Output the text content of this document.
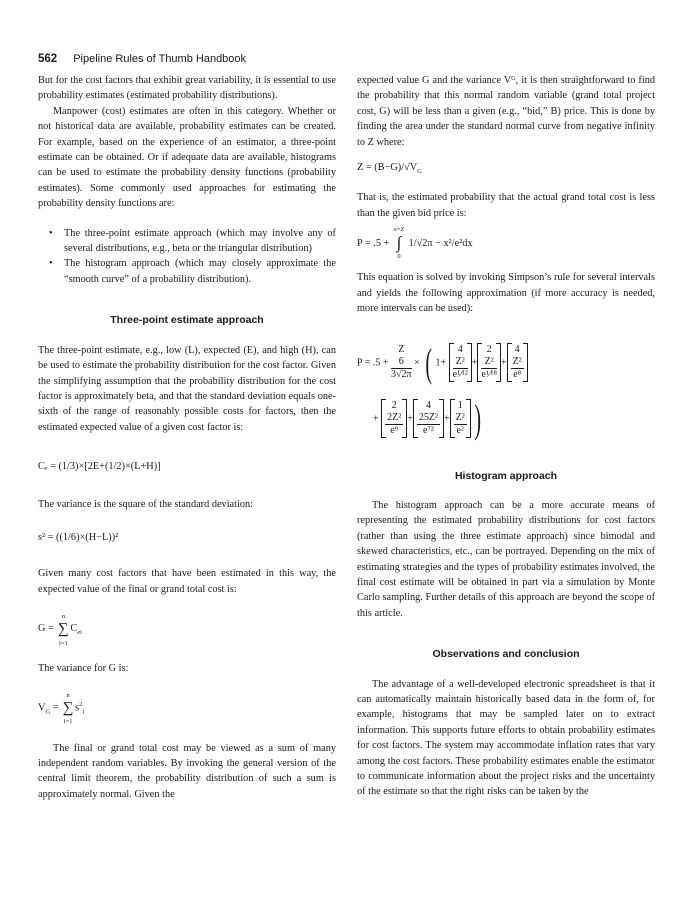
562 Pipeline Rules of Thumb Handbook

But for the cost factors that exhibit great variability, it is essential to use probability estimates (estimated probability distributions).

Manpower (cost) estimates are often in this category. Whether or not historical data are available, probability estimates can be created. For example, based on the experience of an estimator, a three-point estimate can be obtained. Or if adequate data are available, histograms can be used to estimate the probability density functions (probability estimates). Some commonly used approaches for estimating the probability density functions are:

• The three-point estimate approach (which may involve any of several distributions, e.g., beta or the triangular distribution)
• The histogram approach (which may closely approximate the “smooth curve” of a probability distribution).

Three-point estimate approach

The three-point estimate, e.g., low (L), expected (E), and high (H), can be used to estimate the probability distribution for the cost factor. Given the simplifying assumption that the probability distribution for the cost factor is approximately beta, and that the standard deviation equals one-sixth of the range of reasonably possible costs for factors, then the estimated expected value of a given cost factor is:

Cₑ = (1/3)×[2E+(1/2)×(L+H)]

The variance is the square of the standard deviation:

s² = ((1/6)×(H−L))²

Given many cost factors that have been estimated in this way, the expected value of the final or grand total cost is:

G = ∑
n
i=1
$C_{ei}$

The variance for G is:

$V_G$ = ∑
n
i=1
$s^2_i$

The final or grand total cost may be viewed as a sum of many independent random variables. By invoking the general version of the central limit theorem, the probability distribution of such a sum is approximately normal. Given the

expected value G and the variance Vᴳ, it is then straightforward to find the probability that this normal random variable (grand total project cost, G) will be less than a given (e.g., “bid,” B) price. This is done by finding the area under the standard normal curve from negative infinity to Z where:

$Z = (B-G)/√V_G$

That is, the estimated probability that the actual grand total cost is less than the given bid price is:

P = .5 + ∫
x=Z
0
1/√2π − x²/e²dx

This equation is solved by invoking Simpson’s rule for several intervals and yields the following approximation (if more accuracy is needed, more intervals can be used):

P = .5 +
Z
6
3√2π
× ( 1+
4
Z²
e¹⁄¹²
+
2
Z²
e¹⁄¹⁸
+
4
Z²
e⁸
+
2
2Z²
e⁹
+
4
25Z²
e⁷²
+
1
Z²
e² )

Histogram approach

The histogram approach can be a more accurate means of representing the estimated probability distributions for cost factors (rather than using the three estimate approach) since bimodal and skewed characteristics, etc., can be portrayed. Depending on the mix of estimating strategies and the types of probability estimates involved, the final cost estimate will be obtained in part via a simulation by Monte Carlo sampling. Further details of this approach are beyond the scope of this article.

Observations and conclusion

The advantage of a well-developed electronic spreadsheet is that it can automatically maintain historically based data in the form of, for example, histograms that may be sampled later on to extract information. This supports future efforts to obtain probability estimates for cost factors. The system may accommodate inflation rates that vary among the cost factors. These probability estimates enable the estimator to communicate information about the project risks and the uncertainty of the estimate so that the right risks can be taken by the
